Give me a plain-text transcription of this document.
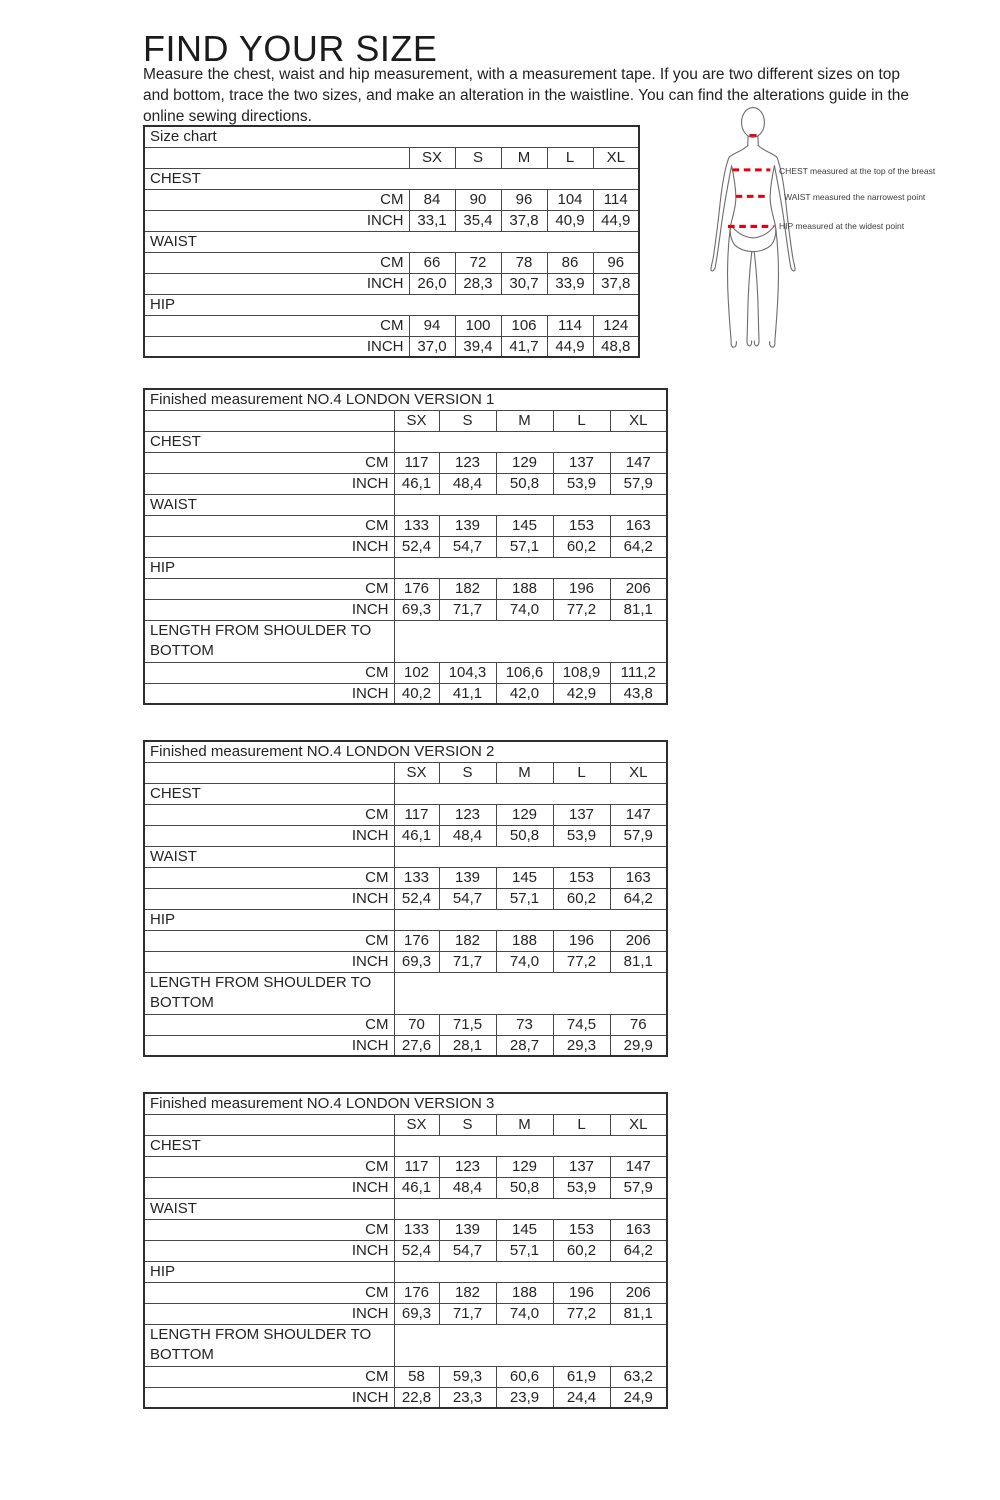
FIND YOUR SIZE

Measure the chest, waist and hip measurement, with a measurement tape. If you are two different sizes on top and bottom, trace the two sizes, and make an alteration in the waistline. You can find the alterations guide in the online sewing directions.

Size chart					
	SX	S	M	L	XL
CHEST					
CM	84	90	96	104	114
INCH	33,1	35,4	37,8	40,9	44,9
WAIST					
CM	66	72	78	86	96
INCH	26,0	28,3	30,7	33,9	37,8
HIP					
CM	94	100	106	114	124
INCH	37,0	39,4	41,7	44,9	48,8
Finished measurement NO.4 LONDON VERSION 1					
	SX	S	M	L	XL
CHEST					
CM	117	123	129	137	147
INCH	46,1	48,4	50,8	53,9	57,9
WAIST					
CM	133	139	145	153	163
INCH	52,4	54,7	57,1	60,2	64,2
HIP					
CM	176	182	188	196	206
INCH	69,3	71,7	74,0	77,2	81,1
LENGTH FROM SHOULDER TO BOTTOM					
CM	102	104,3	106,6	108,9	111,2
INCH	40,2	41,1	42,0	42,9	43,8
Finished measurement NO.4 LONDON VERSION 2					
	SX	S	M	L	XL
CHEST					
CM	117	123	129	137	147
INCH	46,1	48,4	50,8	53,9	57,9
WAIST					
CM	133	139	145	153	163
INCH	52,4	54,7	57,1	60,2	64,2
HIP					
CM	176	182	188	196	206
INCH	69,3	71,7	74,0	77,2	81,1
LENGTH FROM SHOULDER TO BOTTOM					
CM	70	71,5	73	74,5	76
INCH	27,6	28,1	28,7	29,3	29,9
Finished measurement NO.4 LONDON VERSION 3					
	SX	S	M	L	XL
CHEST					
CM	117	123	129	137	147
INCH	46,1	48,4	50,8	53,9	57,9
WAIST					
CM	133	139	145	153	163
INCH	52,4	54,7	57,1	60,2	64,2
HIP					
CM	176	182	188	196	206
INCH	69,3	71,7	74,0	77,2	81,1
LENGTH FROM SHOULDER TO BOTTOM					
CM	58	59,3	60,6	61,9	63,2
INCH	22,8	23,3	23,9	24,4	24,9
CHEST measured at the top of the breast
WAIST measured the narrowest point
HIP measured at the widest point
